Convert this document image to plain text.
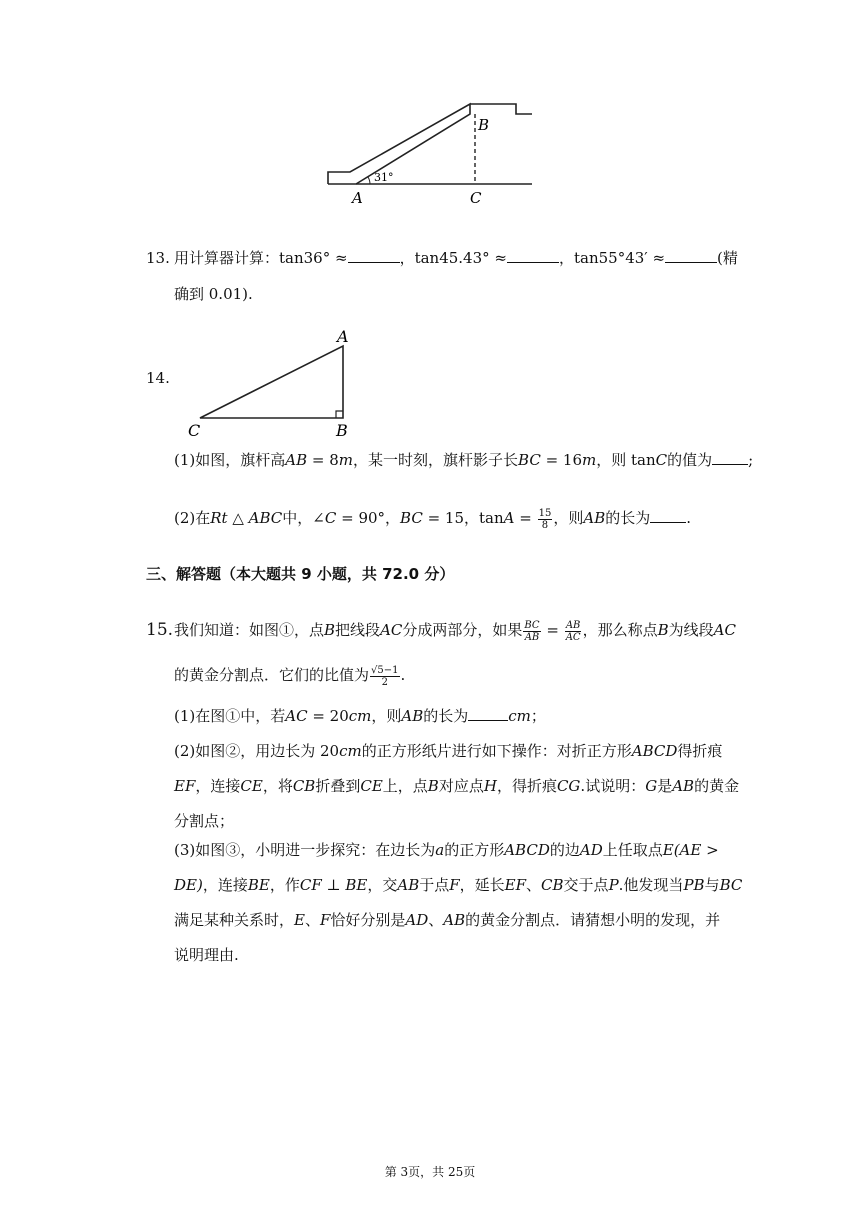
31°
A
B
C
13. 用计算器计算：tan36° ≈	，tan45.43° ≈	，tan55°43′ ≈	(精
确到 0.01).
14.
A
B
C
(1)如图，旗杆高AB = 8m，某一时刻，旗杆影子长BC = 16m，则 tanC的值为 ;
(2)在Rt △ ABC中，∠C = 90°，BC = 15，$\tan A = \frac{15}{8}$ ，则AB的长为 .
三、解答题（本大题共 9 小题，共 72.0 分）
15. 我们知道：如图①，点B把线段AC分成两部分，如果 $\frac{BC}{AB} = \frac{AB}{AC}$ ，那么称点B为线段AC
的黄金分割点．它们的比值为 $\frac{√5-1}{2}$ .
(1)在图①中，若AC = 20cm，则AB的长为	cm；
(2)如图②，用边长为 20cm的正方形纸片进行如下操作：对折正方形ABCD得折痕
EF，连接CE，将CB折叠到CE上，点B对应点H，得折痕CG.试说明：G是AB的黄金
分割点；
(3)如图③，小明进一步探究：在边长为a的正方形ABCD的边AD上任取点E(AE >
DE)，连接BE，作CF ⊥ BE，交AB于点F，延长EF、CB交于点P.他发现当PB与BC
满足某种关系时，E、F恰好分别是AD、AB的黄金分割点．请猜想小明的发现，并
说明理由.
第 3页，共 25页
